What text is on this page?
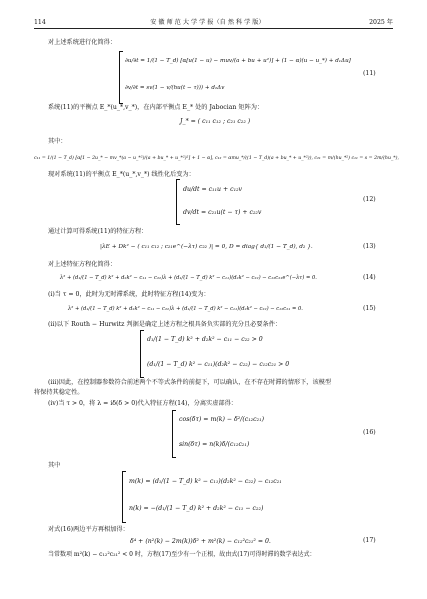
114	安 徽 师 范 大 学 学 报（自 然 科 学 版）	2025 年
对上述系统进行化简得：
∂u/∂t = 1/(1 − T_d) [α[u(1 − u) − muv/(a + bu + u²)] + (1 − α)(u − u_*) + d₁Δu]
∂v/∂t = sv(1 − v/(hu(t − τ))) + d₂Δv
(11)
系统(11)的平衡点 E_*(u_*,v_*)，在内部平衡点 E_* 处的 Jabocian 矩阵为：
J_* = ( c₁₁ c₁₂ ; c₂₁ c₂₂ )
其中：
c₁₁ = 1/(1 − T_d) [α[1 − 2u_* − mv_*(a − u_*²)/(a + bu_* + u_*²)²] + 1 − α], c₁₂ = αmu_*/((1 − T_d)(a + bu_* + u_*²)), c₂₁ = m/(hu_*²) c₁₁ = s = 2m/(hu_*),
现对系统(11)的平衡点 E_*(u_*,v_*) 线性化后变为：
du/dt = c₁₁u + c₁₂v
dv/dt = c₂₁u(t − τ) + c₂₂v
(12)
通过计算可得系统(11)的特征方程：
|λE + Dk² − ( c₁₁ c₁₂ ; c₂₁e^(−λτ) c₂₂ )| = 0, D = diag{ d₁/(1 − T_d), d₂ }.	(13)
对上述特征方程化简得：
λ² + (d₁/(1 − T_d) k² + d₂k² − c₁₁ − c₂₂)λ + (d₁/(1 − T_d) k² − c₁₁)(d₂k² − c₂₂) − c₁₂c₂₁e^(−λτ) = 0.	(14)
(ⅰ)当 τ = 0，此时为无时滞系统，此时特征方程(14)变为：
λ² + (d₁/(1 − T_d) k² + d₂k² − c₁₁ − c₂₂)λ + (d₁/(1 − T_d) k² − c₁₁)(d₂k² − c₂₂) − c₁₂c₂₁ = 0.	(15)
(ⅱ)以下 Routh − Hurwitz 判据是确定上述方程之根具备负实部的充分且必要条件：
d₁/(1 − T_d) k² + d₂k² − c₁₁ − c₂₂ > 0
(d₁/(1 − T_d) k² − c₁₁)(d₂k² − c₂₂) − c₁₂c₂₁ > 0
(ⅲ)因此，在控制器参数符合前述两个不等式条件的前提下，可以确认，在不存在时滞的情形下，该模型
将保持其稳定性。
(ⅳ)当 τ > 0，将 λ = iδ(δ > 0)代入特征方程(14)，分离实虚部得：
cos(δτ) = m(k) − δ²/(c₁₂c₂₁)
sin(δτ) = n(k)δ/(c₁₂c₂₁)
(16)
其中
m(k) = (d₁/(1 − T_d) k² − c₁₁)(d₂k² − c₂₂) − c₁₂c₂₁
n(k) = −(d₁/(1 − T_d) k² + d₂k² − c₁₁ − c₂₂)
对式(16)两边平方再相加得：
δ⁴ + (n²(k) − 2m(k))δ² + m²(k) − c₁₂²c₂₁² = 0.	(17)
当常数项 m²(k) − c₁₂²c₂₁² < 0 时，方程(17)至少有一个正根，故由式(17)可得时滞的数学表达式：
